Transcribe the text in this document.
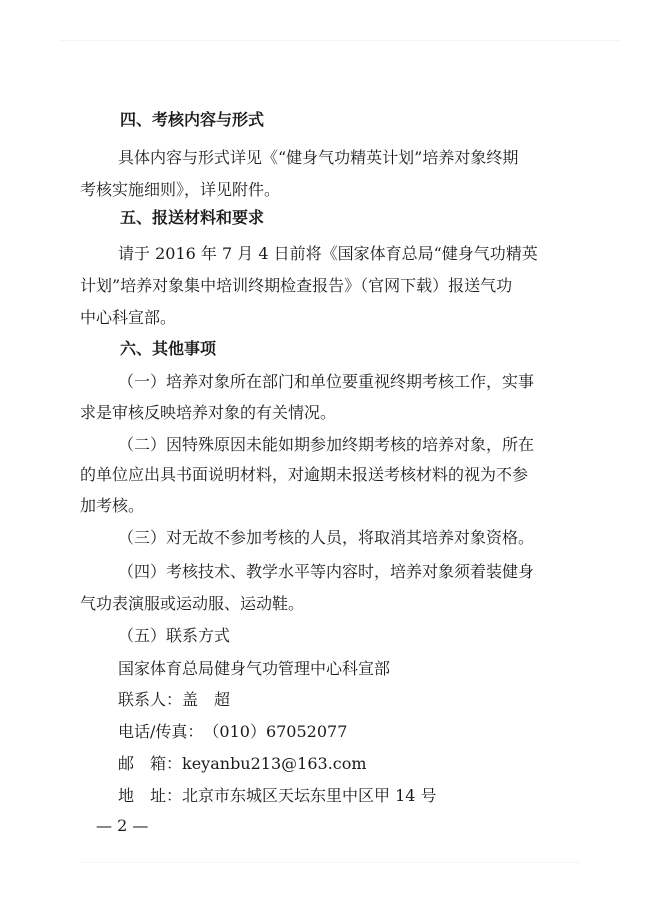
四、考核内容与形式
具体内容与形式详见《“健身气功精英计划”培养对象终期
考核实施细则》，详见附件。
五、报送材料和要求
请于 2016 年 7 月 4 日前将《国家体育总局“健身气功精英
计划”培养对象集中培训终期检查报告》（官网下载）报送气功
中心科宣部。
六、其他事项
（一）培养对象所在部门和单位要重视终期考核工作，实事
求是审核反映培养对象的有关情况。
（二）因特殊原因未能如期参加终期考核的培养对象，所在
的单位应出具书面说明材料，对逾期未报送考核材料的视为不参
加考核。
（三）对无故不参加考核的人员，将取消其培养对象资格。
（四）考核技术、教学水平等内容时，培养对象须着装健身
气功表演服或运动服、运动鞋。
（五）联系方式
国家体育总局健身气功管理中心科宣部
联系人：盖　超
电话/传真：（010）67052077
邮　箱：keyanbu213@163.com
地　址：北京市东城区天坛东里中区甲 14 号
— 2 —
